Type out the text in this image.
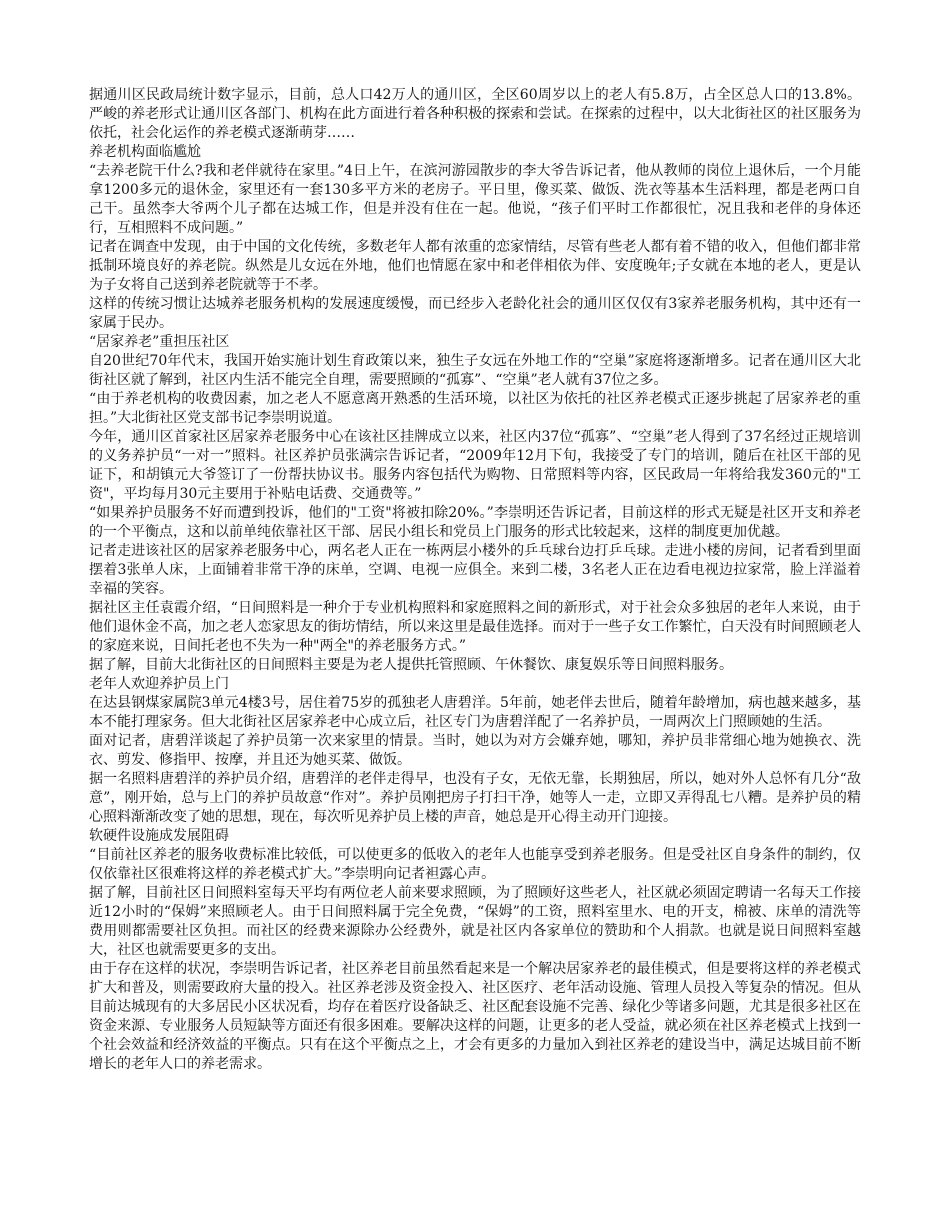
据通川区民政局统计数字显示，目前，总人口42万人的通川区，全区60周岁以上的老人有5.8万，占全区总人口的13.8%。严峻的养老形式让通川区各部门、机构在此方面进行着各种积极的探索和尝试。在探索的过程中，以大北街社区的社区服务为依托，社会化运作的养老模式逐渐萌芽……

养老机构面临尴尬

“去养老院干什么?我和老伴就待在家里。”4日上午，在滨河游园散步的李大爷告诉记者，他从教师的岗位上退休后，一个月能拿1200多元的退休金，家里还有一套130多平方米的老房子。平日里，像买菜、做饭、洗衣等基本生活料理，都是老两口自己干。虽然李大爷两个儿子都在达城工作，但是并没有住在一起。他说，“孩子们平时工作都很忙，况且我和老伴的身体还行，互相照料不成问题。”

记者在调查中发现，由于中国的文化传统，多数老年人都有浓重的恋家情结，尽管有些老人都有着不错的收入，但他们都非常抵制环境良好的养老院。纵然是儿女远在外地，他们也情愿在家中和老伴相依为伴、安度晚年;子女就在本地的老人，更是认为子女将自己送到养老院就等于不孝。

这样的传统习惯让达城养老服务机构的发展速度缓慢，而已经步入老龄化社会的通川区仅仅有3家养老服务机构，其中还有一家属于民办。

“居家养老”重担压社区

自20世纪70年代末，我国开始实施计划生育政策以来，独生子女远在外地工作的“空巢”家庭将逐渐增多。记者在通川区大北街社区就了解到，社区内生活不能完全自理，需要照顾的“孤寡”、“空巢”老人就有37位之多。

“由于养老机构的收费因素，加之老人不愿意离开熟悉的生活环境，以社区为依托的社区养老模式正逐步挑起了居家养老的重担。”大北街社区党支部书记李崇明说道。

今年，通川区首家社区居家养老服务中心在该社区挂牌成立以来，社区内37位“孤寡”、“空巢”老人得到了37名经过正规培训的义务养护员“一对一”照料。社区养护员张满宗告诉记者，“2009年12月下旬，我接受了专门的培训，随后在社区干部的见证下，和胡镇元大爷签订了一份帮扶协议书。服务内容包括代为购物、日常照料等内容，区民政局一年将给我发360元的"工资"，平均每月30元主要用于补贴电话费、交通费等。”

“如果养护员服务不好而遭到投诉，他们的"工资"将被扣除20%。”李崇明还告诉记者，目前这样的形式无疑是社区开支和养老的一个平衡点，这和以前单纯依靠社区干部、居民小组长和党员上门服务的形式比较起来，这样的制度更加优越。

记者走进该社区的居家养老服务中心，两名老人正在一栋两层小楼外的乒乓球台边打乒乓球。走进小楼的房间，记者看到里面摆着3张单人床，上面铺着非常干净的床单，空调、电视一应俱全。来到二楼，3名老人正在边看电视边拉家常，脸上洋溢着幸福的笑容。

据社区主任袁霞介绍，“日间照料是一种介于专业机构照料和家庭照料之间的新形式，对于社会众多独居的老年人来说，由于他们退休金不高，加之老人恋家思友的街坊情结，所以来这里是最佳选择。而对于一些子女工作繁忙，白天没有时间照顾老人的家庭来说，日间托老也不失为一种"两全"的养老服务方式。”

据了解，目前大北街社区的日间照料主要是为老人提供托管照顾、午休餐饮、康复娱乐等日间照料服务。

老年人欢迎养护员上门

在达县钢煤家属院3单元4楼3号，居住着75岁的孤独老人唐碧洋。5年前，她老伴去世后，随着年龄增加，病也越来越多，基本不能打理家务。但大北街社区居家养老中心成立后，社区专门为唐碧洋配了一名养护员，一周两次上门照顾她的生活。

面对记者，唐碧洋谈起了养护员第一次来家里的情景。当时，她以为对方会嫌弃她，哪知，养护员非常细心地为她换衣、洗衣、剪发、修指甲、按摩，并且还为她买菜、做饭。

据一名照料唐碧洋的养护员介绍，唐碧洋的老伴走得早，也没有子女，无依无靠，长期独居，所以，她对外人总怀有几分“敌意”，刚开始，总与上门的养护员故意“作对”。养护员刚把房子打扫干净，她等人一走，立即又弄得乱七八糟。是养护员的精心照料渐渐改变了她的思想，现在，每次听见养护员上楼的声音，她总是开心得主动开门迎接。

软硬件设施成发展阻碍

“目前社区养老的服务收费标准比较低，可以使更多的低收入的老年人也能享受到养老服务。但是受社区自身条件的制约，仅仅依靠社区很难将这样的养老模式扩大。”李崇明向记者袒露心声。

据了解，目前社区日间照料室每天平均有两位老人前来要求照顾，为了照顾好这些老人，社区就必须固定聘请一名每天工作接近12小时的“保姆”来照顾老人。由于日间照料属于完全免费，“保姆”的工资，照料室里水、电的开支，棉被、床单的清洗等费用则都需要社区负担。而社区的经费来源除办公经费外，就是社区内各家单位的赞助和个人捐款。也就是说日间照料室越大，社区也就需要更多的支出。

由于存在这样的状况，李崇明告诉记者，社区养老目前虽然看起来是一个解决居家养老的最佳模式，但是要将这样的养老模式扩大和普及，则需要政府大量的投入。社区养老涉及资金投入、社区医疗、老年活动设施、管理人员投入等复杂的情况。但从目前达城现有的大多居民小区状况看，均存在着医疗设备缺乏、社区配套设施不完善、绿化少等诸多问题，尤其是很多社区在资金来源、专业服务人员短缺等方面还有很多困难。要解决这样的问题，让更多的老人受益，就必须在社区养老模式上找到一个社会效益和经济效益的平衡点。只有在这个平衡点之上，才会有更多的力量加入到社区养老的建设当中，满足达城目前不断增长的老年人口的养老需求。
